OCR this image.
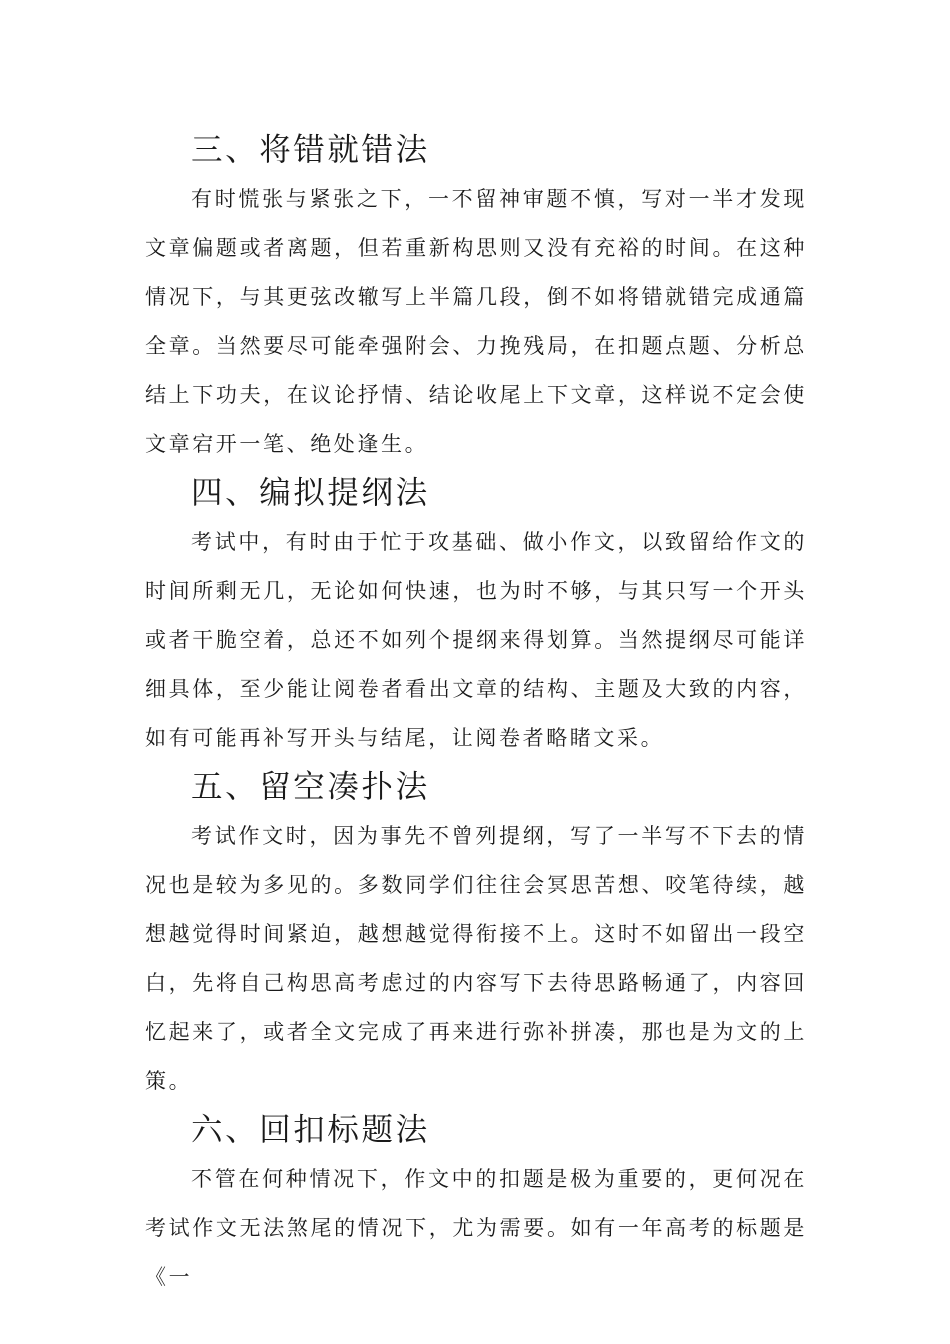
三、将错就错法

有时慌张与紧张之下，一不留神审题不慎，写对一半才发现文章偏题或者离题，但若重新构思则又没有充裕的时间。在这种情况下，与其更弦改辙写上半篇几段，倒不如将错就错完成通篇全章。当然要尽可能牵强附会、力挽残局，在扣题点题、分析总结上下功夫，在议论抒情、结论收尾上下文章，这样说不定会使文章宕开一笔、绝处逢生。

四、编拟提纲法

考试中，有时由于忙于攻基础、做小作文，以致留给作文的时间所剩无几，无论如何快速，也为时不够，与其只写一个开头或者干脆空着，总还不如列个提纲来得划算。当然提纲尽可能详细具体，至少能让阅卷者看出文章的结构、主题及大致的内容，如有可能再补写开头与结尾，让阅卷者略睹文采。

五、留空凑扑法

考试作文时，因为事先不曾列提纲，写了一半写不下去的情况也是较为多见的。多数同学们往往会冥思苦想、咬笔待续，越想越觉得时间紧迫，越想越觉得衔接不上。这时不如留出一段空白，先将自己构思高考虑过的内容写下去待思路畅通了，内容回忆起来了，或者全文完成了再来进行弥补拼凑，那也是为文的上策。

六、回扣标题法

不管在何种情况下，作文中的扣题是极为重要的，更何况在考试作文无法煞尾的情况下，尤为需要。如有一年高考的标题是《一
